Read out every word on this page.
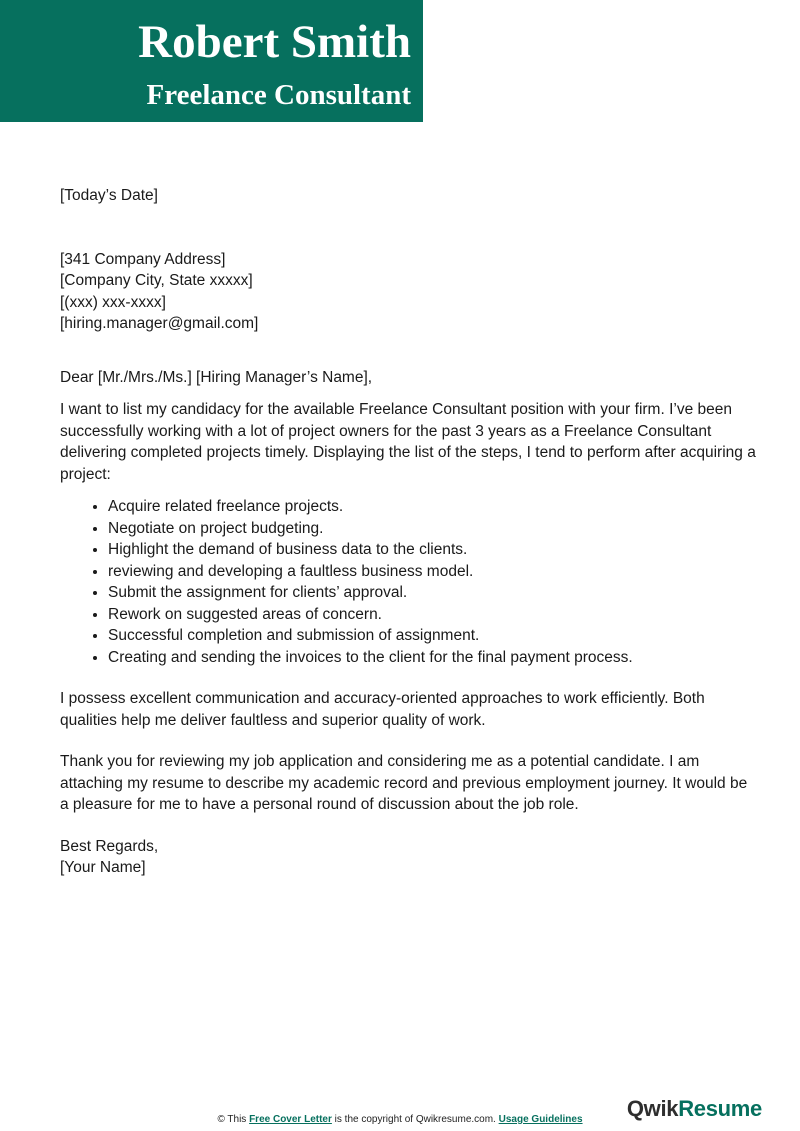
Robert Smith
Freelance Consultant

[Today’s Date]

[341 Company Address]

[Company City, State xxxxx]

[(xxx) xxx-xxxx]

[hiring.manager@gmail.com]

Dear [Mr./Mrs./Ms.] [Hiring Manager’s Name],

I want to list my candidacy for the available Freelance Consultant position with your firm. I’ve been successfully working with a lot of project owners for the past 3 years as a Freelance Consultant delivering completed projects timely. Displaying the list of the steps, I tend to perform after acquiring a project:

• Acquire related freelance projects.
• Negotiate on project budgeting.
• Highlight the demand of business data to the clients.
• reviewing and developing a faultless business model.
• Submit the assignment for clients’ approval.
• Rework on suggested areas of concern.
• Successful completion and submission of assignment.
• Creating and sending the invoices to the client for the final payment process.

I possess excellent communication and accuracy-oriented approaches to work efficiently. Both qualities help me deliver faultless and superior quality of work.

Thank you for reviewing my job application and considering me as a potential candidate. I am attaching my resume to describe my academic record and previous employment journey. It would be a pleasure for me to have a personal round of discussion about the job role.

Best Regards,

[Your Name]

© This Free Cover Letter is the copyright of Qwikresume.com. Usage Guidelines	QwikResume
